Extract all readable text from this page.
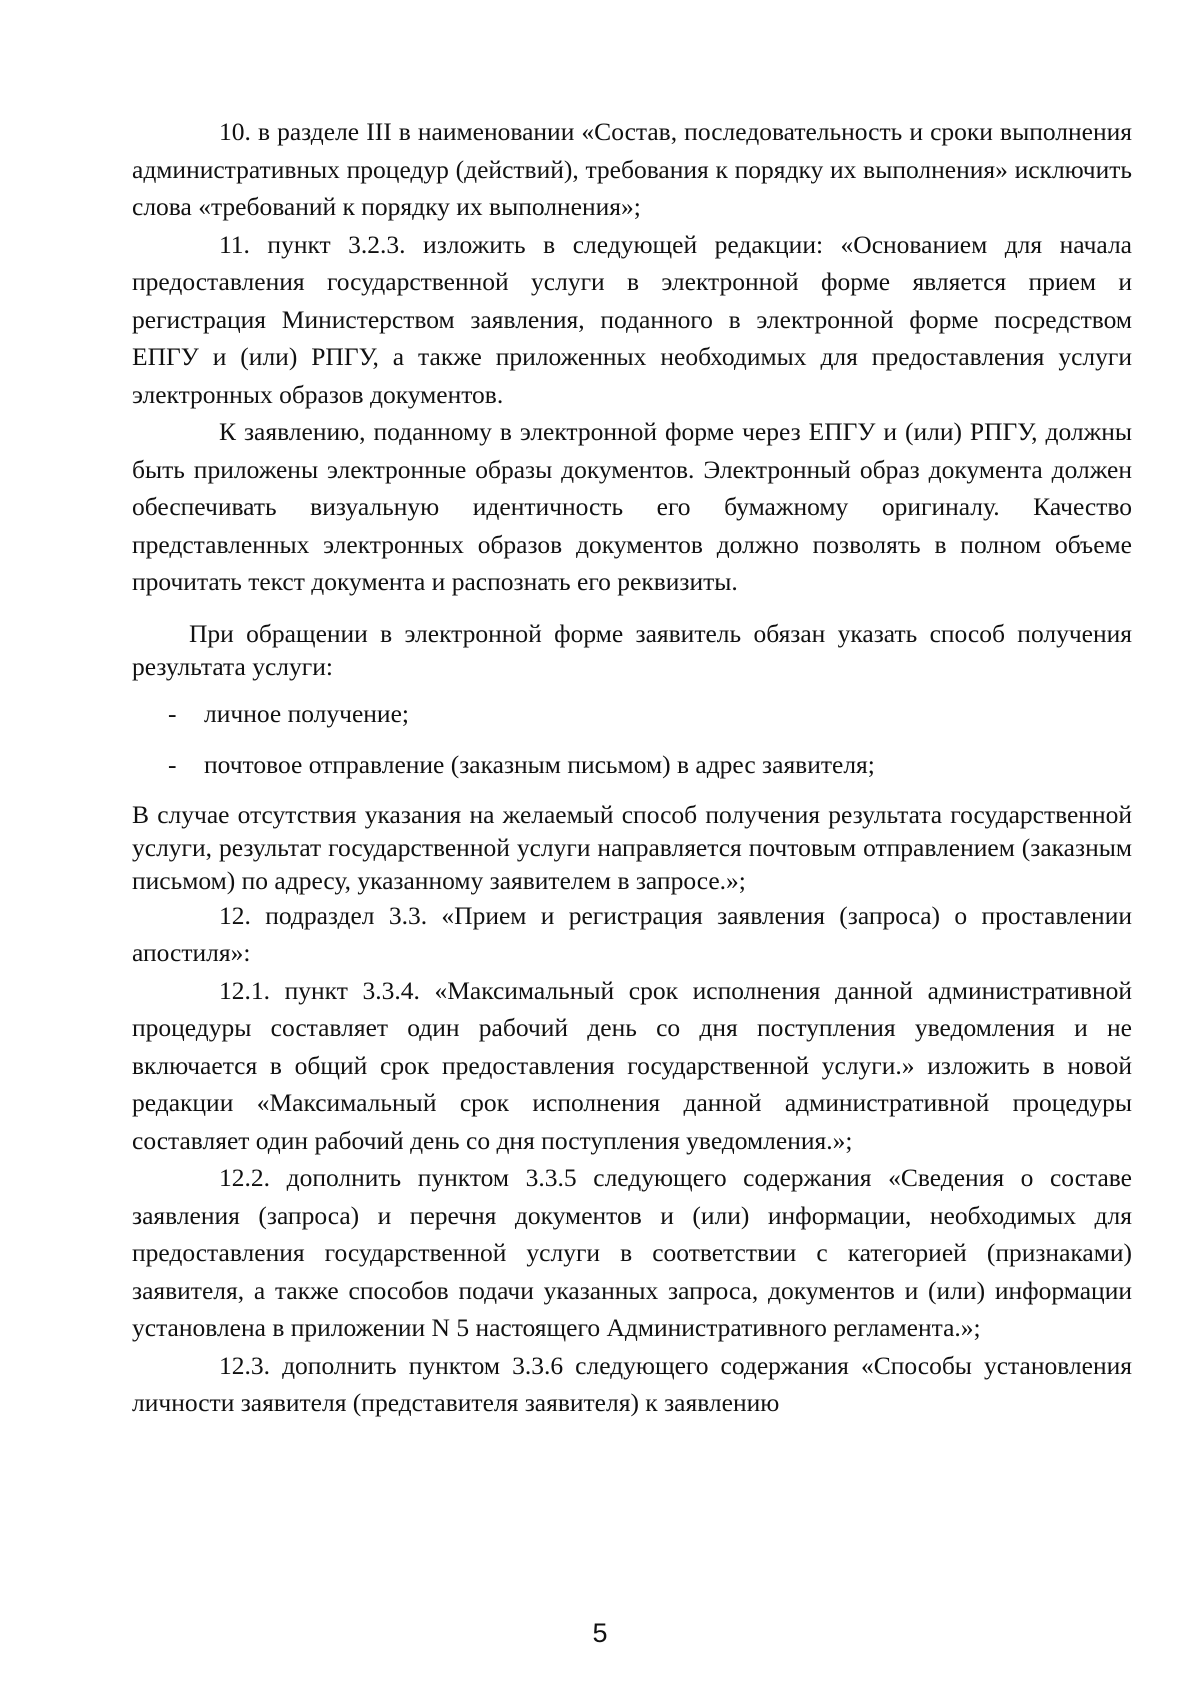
10. в разделе III в наименовании «Состав, последовательность и сроки выполнения административных процедур (действий), требования к порядку их выполнения» исключить слова «требований к порядку их выполнения»;

11. пункт 3.2.3. изложить в следующей редакции: «Основанием для начала предоставления государственной услуги в электронной форме является прием и регистрация Министерством заявления, поданного в электронной форме посредством ЕПГУ и (или) РПГУ, а также приложенных необходимых для предоставления услуги электронных образов документов.

К заявлению, поданному в электронной форме через ЕПГУ и (или) РПГУ, должны быть приложены электронные образы документов. Электронный образ документа должен обеспечивать визуальную идентичность его бумажному оригиналу. Качество представленных электронных образов документов должно позволять в полном объеме прочитать текст документа и распознать его реквизиты.

При обращении в электронной форме заявитель обязан указать способ получения результата услуги:

- личное получение;
- почтовое отправление (заказным письмом) в адрес заявителя;

В случае отсутствия указания на желаемый способ получения результата государственной услуги, результат государственной услуги направляется почтовым отправлением (заказным письмом) по адресу, указанному заявителем в запросе.»;

12. подраздел 3.3. «Прием и регистрация заявления (запроса) о проставлении апостиля»:

12.1. пункт 3.3.4. «Максимальный срок исполнения данной административной процедуры составляет один рабочий день со дня поступления уведомления и не включается в общий срок предоставления государственной услуги.» изложить в новой редакции «Максимальный срок исполнения данной административной процедуры составляет один рабочий день со дня поступления уведомления.»;

12.2. дополнить пунктом 3.3.5 следующего содержания «Сведения о составе заявления (запроса) и перечня документов и (или) информации, необходимых для предоставления государственной услуги в соответствии с категорией (признаками) заявителя, а также способов подачи указанных запроса, документов и (или) информации установлена в приложении N 5 настоящего Административного регламента.»;

12.3. дополнить пунктом 3.3.6 следующего содержания «Способы установления личности заявителя (представителя заявителя) к заявлению

5
